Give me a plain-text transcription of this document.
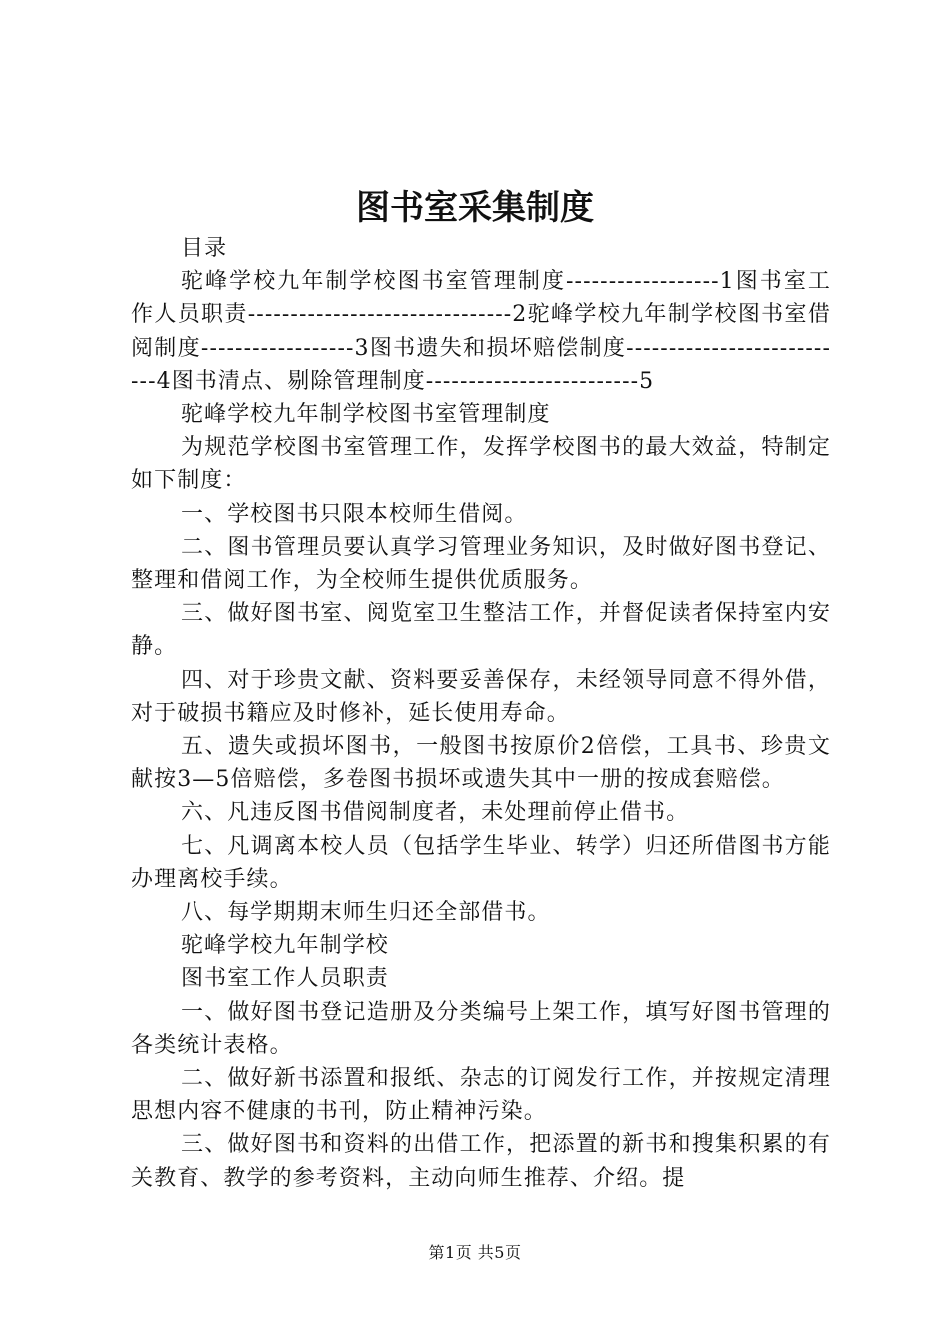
图书室采集制度

目录

驼峰学校九年制学校图书室管理制度------------------1图书室工作人员职责-------------------------------2驼峰学校九年制学校图书室借阅制度------------------3图书遗失和损坏赔偿制度---------------------------4图书清点、剔除管理制度-------------------------5

驼峰学校九年制学校图书室管理制度

为规范学校图书室管理工作，发挥学校图书的最大效益，特制定如下制度：

一、学校图书只限本校师生借阅。

二、图书管理员要认真学习管理业务知识，及时做好图书登记、整理和借阅工作，为全校师生提供优质服务。

三、做好图书室、阅览室卫生整洁工作，并督促读者保持室内安静。

四、对于珍贵文献、资料要妥善保存，未经领导同意不得外借，对于破损书籍应及时修补，延长使用寿命。

五、遗失或损坏图书，一般图书按原价2倍偿，工具书、珍贵文献按3—5倍赔偿，多卷图书损坏或遗失其中一册的按成套赔偿。

六、凡违反图书借阅制度者，未处理前停止借书。

七、凡调离本校人员（包括学生毕业、转学）归还所借图书方能办理离校手续。

八、每学期期末师生归还全部借书。

驼峰学校九年制学校

图书室工作人员职责

一、做好图书登记造册及分类编号上架工作，填写好图书管理的各类统计表格。

二、做好新书添置和报纸、杂志的订阅发行工作，并按规定清理思想内容不健康的书刊，防止精神污染。

三、做好图书和资料的出借工作，把添置的新书和搜集积累的有关教育、教学的参考资料，主动向师生推荐、介绍。提

第1页 共5页
